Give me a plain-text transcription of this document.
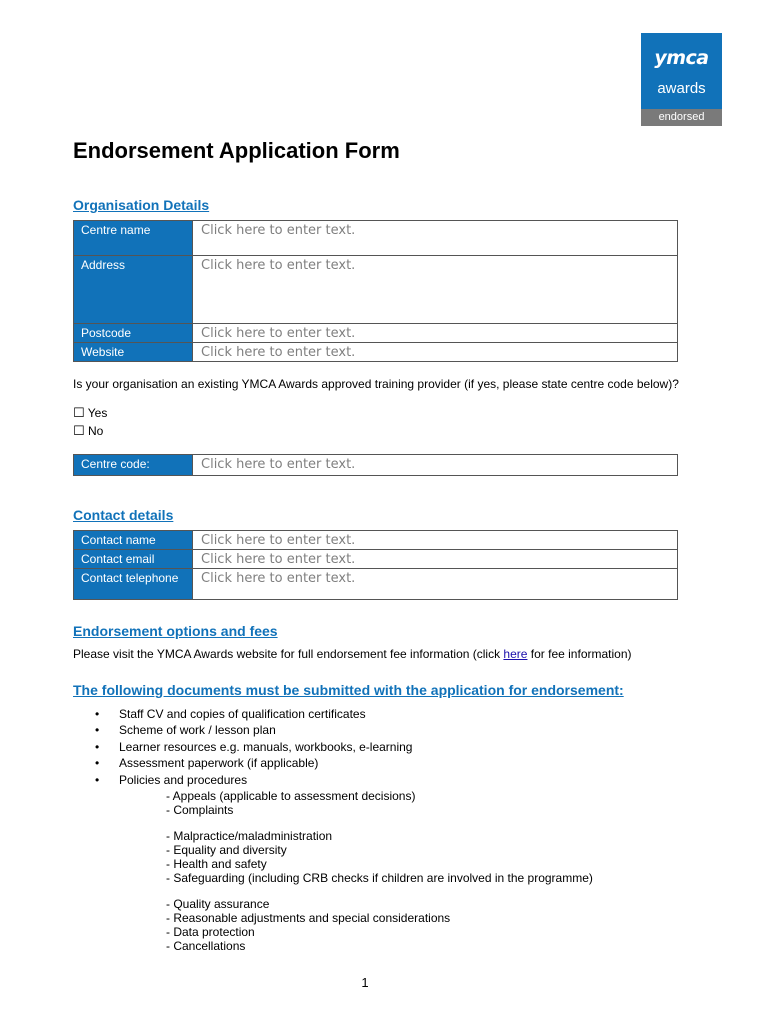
ymca
awards
endorsed
Endorsement Application Form
Organisation Details
Centre name	Click here to enter text.
Address	Click here to enter text.
Postcode	Click here to enter text.
Website	Click here to enter text.
Is your organisation an existing YMCA Awards approved training provider (if yes, please state centre code below)?
☐ Yes
☐ No
Centre code:	Click here to enter text.
Contact details
Contact name	Click here to enter text.
Contact email	Click here to enter text.
Contact telephone	Click here to enter text.
Endorsement options and fees
Please visit the YMCA Awards website for full endorsement fee information (click here for fee information)
The following documents must be submitted with the application for endorsement:
• Staff CV and copies of qualification certificates
• Scheme of work / lesson plan
• Learner resources e.g. manuals, workbooks, e-learning
• Assessment paperwork (if applicable)
• Policies and procedures
- Appeals (applicable to assessment decisions)
- Complaints
- Malpractice/maladministration
- Equality and diversity
- Health and safety
- Safeguarding (including CRB checks if children are involved in the programme)
- Quality assurance
- Reasonable adjustments and special considerations
- Data protection
- Cancellations
1
